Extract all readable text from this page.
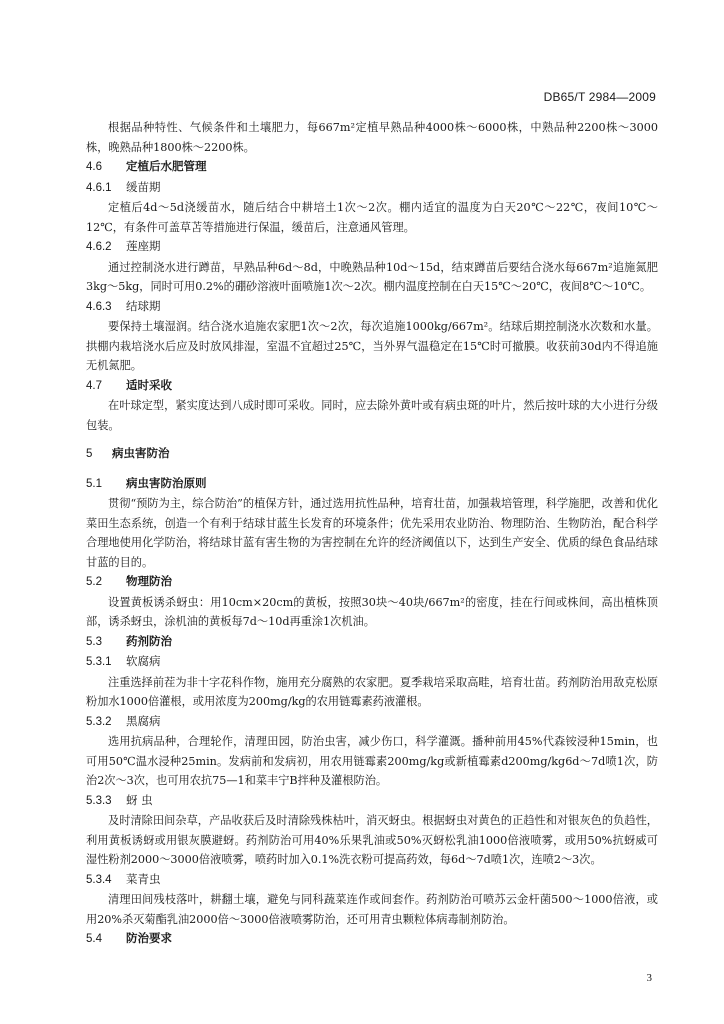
DB65/T 2984—2009

根据品种特性、气候条件和土壤肥力，每667m²定植早熟品种4000株～6000株，中熟品种2200株～3000株，晚熟品种1800株～2200株。

4.6 定植后水肥管理

4.6.1 缓苗期

定植后4d～5d浇缓苗水，随后结合中耕培土1次～2次。棚内适宜的温度为白天20℃～22℃，夜间10℃～12℃，有条件可盖草苫等措施进行保温，缓苗后，注意通风管理。

4.6.2 莲座期

通过控制浇水进行蹲苗，早熟品种6d～8d，中晚熟品种10d～15d，结束蹲苗后要结合浇水每667m²追施氮肥3kg～5kg，同时可用0.2%的硼砂溶液叶面喷施1次～2次。棚内温度控制在白天15℃～20℃，夜间8℃～10℃。

4.6.3 结球期

要保持土壤湿润。结合浇水追施农家肥1次～2次，每次追施1000kg/667m²。结球后期控制浇水次数和水量。拱棚内栽培浇水后应及时放风排湿，室温不宜超过25℃，当外界气温稳定在15℃时可撤膜。收获前30d内不得追施无机氮肥。

4.7 适时采收

在叶球定型，紧实度达到八成时即可采收。同时，应去除外黄叶或有病虫斑的叶片，然后按叶球的大小进行分级包装。

5 病虫害防治

5.1 病虫害防治原则

贯彻“预防为主，综合防治”的植保方针，通过选用抗性品种，培育壮苗，加强栽培管理，科学施肥，改善和优化菜田生态系统，创造一个有利于结球甘蓝生长发育的环境条件；优先采用农业防治、物理防治、生物防治，配合科学合理地使用化学防治，将结球甘蓝有害生物的为害控制在允许的经济阈值以下，达到生产安全、优质的绿色食品结球甘蓝的目的。

5.2 物理防治

设置黄板诱杀蚜虫：用10cm×20cm的黄板，按照30块～40块/667m²的密度，挂在行间或株间，高出植株顶部，诱杀蚜虫，涂机油的黄板每7d～10d再重涂1次机油。

5.3 药剂防治

5.3.1 软腐病

注重选择前茬为非十字花科作物，施用充分腐熟的农家肥。夏季栽培采取高畦，培育壮苗。药剂防治用敌克松原粉加水1000倍灌根，或用浓度为200mg/kg的农用链霉素药液灌根。

5.3.2 黑腐病

选用抗病品种，合理轮作，清理田园，防治虫害，减少伤口，科学灌溉。播种前用45%代森铵浸种15min，也可用50℃温水浸种25min。发病前和发病初，用农用链霉素200mg/kg或新植霉素d200mg/kg6d～7d喷1次，防治2次～3次，也可用农抗75—1和菜丰宁B拌种及灌根防治。

5.3.3 蚜 虫

及时清除田间杂草，产品收获后及时清除残株枯叶，消灭蚜虫。根据蚜虫对黄色的正趋性和对银灰色的负趋性，利用黄板诱蚜或用银灰膜避蚜。药剂防治可用40%乐果乳油或50%灭蚜松乳油1000倍液喷雾，或用50%抗蚜威可湿性粉剂2000～3000倍液喷雾，喷药时加入0.1%洗衣粉可提高药效，每6d～7d喷1次，连喷2～3次。

5.3.4 菜青虫

清理田间残枝落叶，耕翻土壤，避免与同科蔬菜连作或间套作。药剂防治可喷苏云金杆菌500～1000倍液，或用20%杀灭菊酯乳油2000倍～3000倍液喷雾防治，还可用青虫颗粒体病毒制剂防治。

5.4 防治要求

3
